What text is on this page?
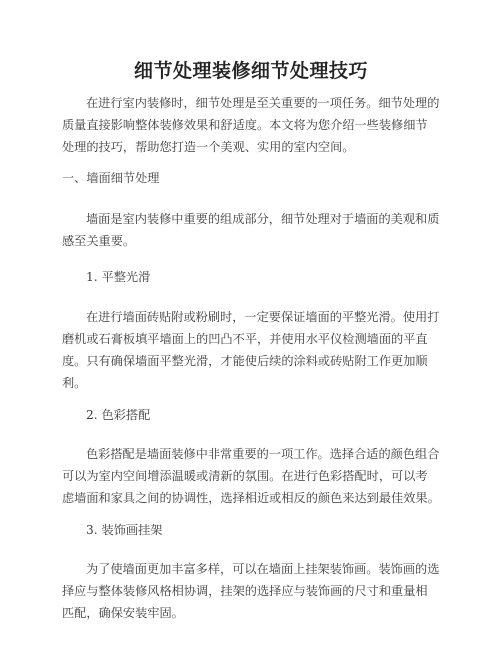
细节处理装修细节处理技巧

在进行室内装修时，细节处理是至关重要的一项任务。细节处理的
质量直接影响整体装修效果和舒适度。本文将为您介绍一些装修细节
处理的技巧，帮助您打造一个美观、实用的室内空间。

一、墙面细节处理

墙面是室内装修中重要的组成部分，细节处理对于墙面的美观和质
感至关重要。

1. 平整光滑

在进行墙面砖贴附或粉刷时，一定要保证墙面的平整光滑。使用打
磨机或石膏板填平墙面上的凹凸不平，并使用水平仪检测墙面的平直
度。只有确保墙面平整光滑，才能使后续的涂料或砖贴附工作更加顺
利。

2. 色彩搭配

色彩搭配是墙面装修中非常重要的一项工作。选择合适的颜色组合
可以为室内空间增添温暖或清新的氛围。在进行色彩搭配时，可以考
虑墙面和家具之间的协调性，选择相近或相反的颜色来达到最佳效果。

3. 装饰画挂架

为了使墙面更加丰富多样，可以在墙面上挂架装饰画。装饰画的选
择应与整体装修风格相协调，挂架的选择应与装饰画的尺寸和重量相
匹配，确保安装牢固。
